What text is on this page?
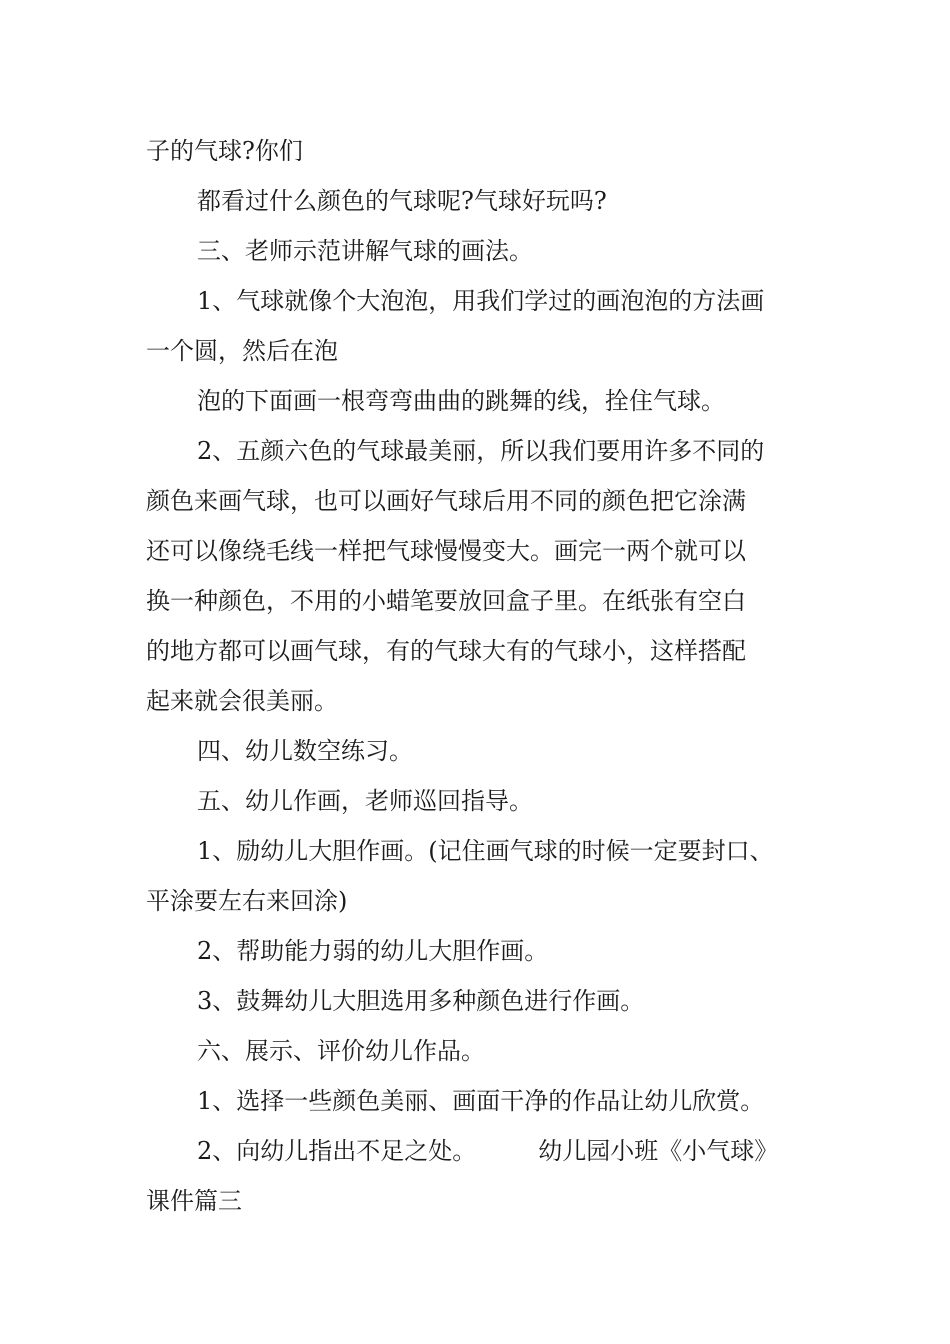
子的气球?你们
都看过什么颜色的气球呢?气球好玩吗?
三、老师示范讲解气球的画法。
1、气球就像个大泡泡，用我们学过的画泡泡的方法画
一个圆，然后在泡
泡的下面画一根弯弯曲曲的跳舞的线，拴住气球。
2、五颜六色的气球最美丽，所以我们要用许多不同的
颜色来画气球，也可以画好气球后用不同的颜色把它涂满
还可以像绕毛线一样把气球慢慢变大。画完一两个就可以
换一种颜色，不用的小蜡笔要放回盒子里。在纸张有空白
的地方都可以画气球，有的气球大有的气球小，这样搭配
起来就会很美丽。
四、幼儿数空练习。
五、幼儿作画，老师巡回指导。
1、励幼儿大胆作画。(记住画气球的时候一定要封口、
平涂要左右来回涂)
2、帮助能力弱的幼儿大胆作画。
3、鼓舞幼儿大胆选用多种颜色进行作画。
六、展示、评价幼儿作品。
1、选择一些颜色美丽、画面干净的作品让幼儿欣赏。
2、向幼儿指出不足之处。	幼儿园小班《小气球》
课件篇三
